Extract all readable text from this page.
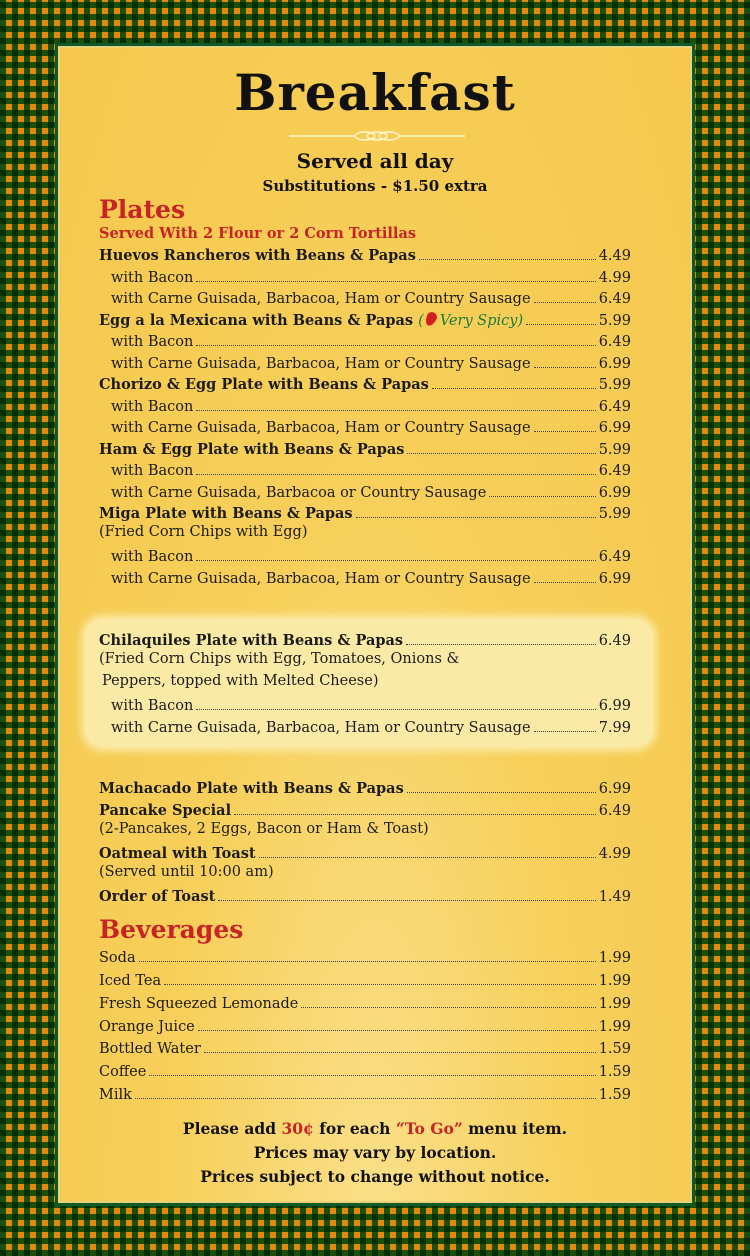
Breakfast
Served all day
Substitutions - $1.50 extra
Plates
Served With 2 Flour or 2 Corn Tortillas
Huevos Rancheros with Beans & Papas	4.49
with Bacon	4.99
with Carne Guisada, Barbacoa, Ham or Country Sausage	6.49
Egg a la Mexicana with Beans & Papas ( Very Spicy)	5.99
with Bacon	6.49
with Carne Guisada, Barbacoa, Ham or Country Sausage	6.99
Chorizo & Egg Plate with Beans & Papas	5.99
with Bacon	6.49
with Carne Guisada, Barbacoa, Ham or Country Sausage	6.99
Ham & Egg Plate with Beans & Papas	5.99
with Bacon	6.49
with Carne Guisada, Barbacoa or Country Sausage	6.99
Miga Plate with Beans & Papas	5.99
(Fried Corn Chips with Egg)
with Bacon	6.49
with Carne Guisada, Barbacoa, Ham or Country Sausage	6.99
Chilaquiles Plate with Beans & Papas	6.49
(Fried Corn Chips with Egg, Tomatoes, Onions &
Peppers, topped with Melted Cheese)
with Bacon	6.99
with Carne Guisada, Barbacoa, Ham or Country Sausage	7.99
Machacado Plate with Beans & Papas	6.99
Pancake Special	6.49
(2-Pancakes, 2 Eggs, Bacon or Ham & Toast)
Oatmeal with Toast	4.99
(Served until 10:00 am)
Order of Toast	1.49
Beverages
Soda	1.99
Iced Tea	1.99
Fresh Squeezed Lemonade	1.99
Orange Juice	1.99
Bottled Water	1.59
Coffee	1.59
Milk	1.59
Please add 30¢ for each “To Go” menu item.
Prices may vary by location.
Prices subject to change without notice.
